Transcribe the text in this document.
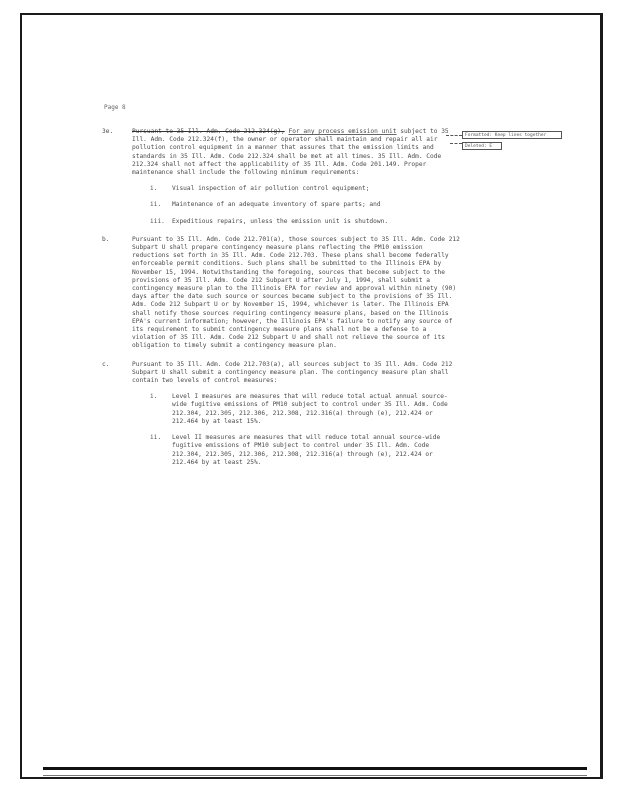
Page 8
Formatted: Keep lines together
Deleted: E
3e.	Pursuant to 35 Ill. Adm. Code 212.324(g), For any process emission unit subject to 35 Ill. Adm. Code 212.324(f), the owner or operator shall maintain and repair all air pollution control equipment in a manner that assures that the emission limits and standards in 35 Ill. Adm. Code 212.324 shall be met at all times. 35 Ill. Adm. Code 212.324 shall not affect the applicability of 35 Ill. Adm. Code 201.149. Proper maintenance shall include the following minimum requirements:
i. Visual inspection of air pollution control equipment;
ii. Maintenance of an adequate inventory of spare parts; and
iii. Expeditious repairs, unless the emission unit is shutdown.
b.	Pursuant to 35 Ill. Adm. Code 212.701(a), those sources subject to 35 Ill. Adm. Code 212 Subpart U shall prepare contingency measure plans reflecting the PM10 emission reductions set forth in 35 Ill. Adm. Code 212.703. These plans shall become federally enforceable permit conditions. Such plans shall be submitted to the Illinois EPA by November 15, 1994. Notwithstanding the foregoing, sources that become subject to the provisions of 35 Ill. Adm. Code 212 Subpart U after July 1, 1994, shall submit a contingency measure plan to the Illinois EPA for review and approval within ninety (90) days after the date such source or sources became subject to the provisions of 35 Ill. Adm. Code 212 Subpart U or by November 15, 1994, whichever is later. The Illinois EPA shall notify those sources requiring contingency measure plans, based on the Illinois EPA's current information; however, the Illinois EPA's failure to notify any source of its requirement to submit contingency measure plans shall not be a defense to a violation of 35 Ill. Adm. Code 212 Subpart U and shall not relieve the source of its obligation to timely submit a contingency measure plan.
c.	Pursuant to 35 Ill. Adm. Code 212.703(a), all sources subject to 35 Ill. Adm. Code 212 Subpart U shall submit a contingency measure plan. The contingency measure plan shall contain two levels of control measures:
i. Level I measures are measures that will reduce total actual annual source-wide fugitive emissions of PM10 subject to control under 35 Ill. Adm. Code 212.304, 212.305, 212.306, 212.308, 212.316(a) through (e), 212.424 or 212.464 by at least 15%.
ii. Level II measures are measures that will reduce total annual source-wide fugitive emissions of PM10 subject to control under 35 Ill. Adm. Code 212.304, 212.305, 212.306, 212.308, 212.316(a) through (e), 212.424 or 212.464 by at least 25%.
